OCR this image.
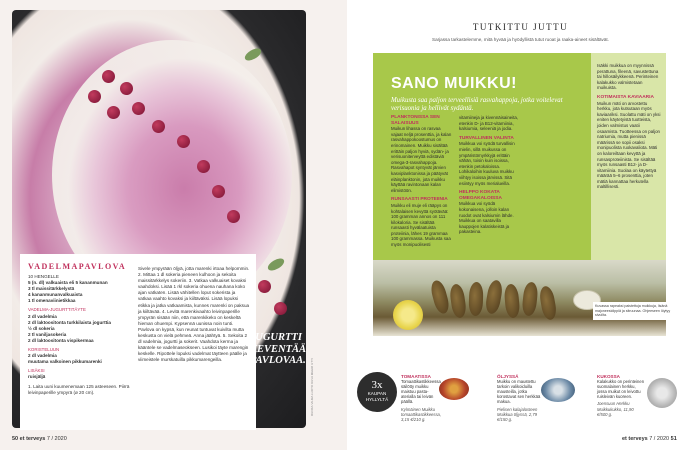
VADELMAPAVLOVA
10 HENGELLE
5 (n. dl) valkuaista eli 5 kananmunan
3 tl maissitärkkelystä
4 kananmunanvalkuaista
1 tl omenaviinietikkaa
VADELMA-JUGURTTITÄYTE
2 dl vadelmia
2 dl laktoositonta turkkilaista jogurttia
½ dl sokeria
2 tl vaniljasokeria
2 dl laktoositonta vispikermaa
KORISTELUUN
2 dl vadelmia
muutama valkoinen pikkumarenki
LISÄKSI
ruisjäljä
1. Laita uuni kuumenemaan 125 asteeseen. Piirrä leivinpaperille ympyrä (ø 20 cm).
Sivele ympyrään öljyä, jotta marenki irtoaa helpommin. 2. Mittaa 1 dl sokeria pieneen kulhoon ja sekoita maissitärkkelys sokeriin. 3. Vatkaa valkuaiset kovaksi vaahdoksi. Lisää 1 rkl sokeria ohuena nauhana koko ajan vatkaten. Lisää vähitellen loput sokerista ja vatkaa vaahto kovaksi ja kiiltäväksi. Lisää lopuksi etikka ja jatka vatkaamista, kunnes marenki on paksua ja kiiltävää. 4. Levitä marenkivaahto leivinpaperille ympyrän sisään niin, että marenkikeko on keskeltä hieman ohuempi. Kypsennä uunissa noin tunti. Pavlova on kypsä, kun reunat tuntuvat kuivilta mutta keskusta on vielä pehmeä. Anna jäähtyä. 5. Sekoita 2 dl vadelmia, jogurtti ja sokerit. Vaahdota kerma ja kääntele se vadelmaseokseen. Lusikoi täyte marengin keskelle. Ripottele lopuksi vadelmat täytteen päälle ja viimeistele murskatuilla pikkumarengeilla.
JUGURTTI KEVENTÄÄ PAVLOVAA.	RUOKA VILMA LUOTO KUVA MEERI UTTI
50 et terveys 7 / 2020
TUTKITTU JUTTU
Sarjassa tarkastelemme, mitä hyvää ja hyödyllistä tutut ruoat ja raaka-aineet sisältävät.
SANO MUIKKU!
Muikusta saa paljon terveellisiä rasvahappoja, jotka voitelevat verisuonia ja hellivät sydäntä.
PLANKTONISSA SEN SALAISUUS
Muikun lihassa on rasvaa vajaat neljä prosenttia, ja kalan rasvahappokoostumus on erinomainen. Muikku sisältää erittäin paljon hyviä, sydän- ja verisuoniterveyttä edistäviä omega-3-rasvahappoja. Rasvahapot syntyvät järvien kasviplanktonissa ja päätyvät eläinplanktonin, jota muikku käyttää ravintonaan kalan elimistöön.
RUNSAASTI PROTEIINIA
Muikku eli muje eli rääpys on kohtalaisen kevyttä syötävää: 100 gramman annos on 111 kilokaloria. Se sisältää runsaasti hyvälaatuista proteiinia, lähes 19 grammaa 100 grammassa. Muikusta saa myös monipuolisesti
vitamiineja ja kivennäisaineita, etenkin D- ja B12-vitamiinia, kalsiumia, seleeniä ja jodia.
TURVALLINEN VALINTA
Muikkua voi syödä turvallisin mielin, sillä muikussa on ympäristömyrkkyjä erittäin vähän, toisin kuin isoissa, etenkin petokaloissa. Lohikaloihin kuuluva muikku viihtyy isoissa järvissä. Sitä esiintyy myös merialueilla.
HELPPO KOKATA OMEGAKALOISSA
Muikkua voi syödä kokonaisena, jolloin kalan ruodot ovat kalsiumin lähde. Muikkua on saatavilla kauppojen kalatiskeistä ja pakasteina.
Isäkki muikkua on myynnissä perattuna, fileenä, savustettuna tai hillosäilykkeenä. Perinteinen kalakukko valmistetaan muikuista.
KOTIMAISTA KAVIAARIA
Muikun mäti on arvostettu herkku, jota kutsutaan myös kaviaariksi. Suolattu mäti on yksi eniten käytetyistä tuotteista, joiden valmistus vaatii osaamista. Tuotteessa on paljon natriumia, mutta pienissä määrissä se sopii osaksi monipuolista ruokavaliota. Mäti on kaloreiltaan kevyttä ja runsasproteiinista. Se sisältää myös runsaasti B12- ja D-vitamiinia. Suolaa on käytettyä määrää 5–6 prosenttia, joten mätiä kannattaa herkutella maltillisesti.
Kuvassa rapeaksi paistettuja muikkuja, lisänä majoneesidippiä ja sitruunaa. Ohjeeseen löytyy sivuilta.
3x
KAUPAN
HYLLYLTÄ
TOMAATISSA
Tomaattikastikkeessa säilötty muikku maistuu pasta-aterialla tai leivän päällä.
Kylmäinen Muikku tomaattikastikkeessa, 3,15 €/210 g.
ÖLJYSSÄ
Muikku on maustettu tarkoin valikoiduilla mausteilla, jotka korostavat sen herkkää makua.
Pielisen kalajalosteen Muikkua öljyssä, 2,79 €/150 g.
KUKOSSA
Kalakukko on perinteinen suomalainen herkku, jossa muikut on leivottu ruisleivän kuoreen.
Joensuun Herkku Muikkukukko, 11,90 €/500 g.
et terveys 7 / 2020 51
